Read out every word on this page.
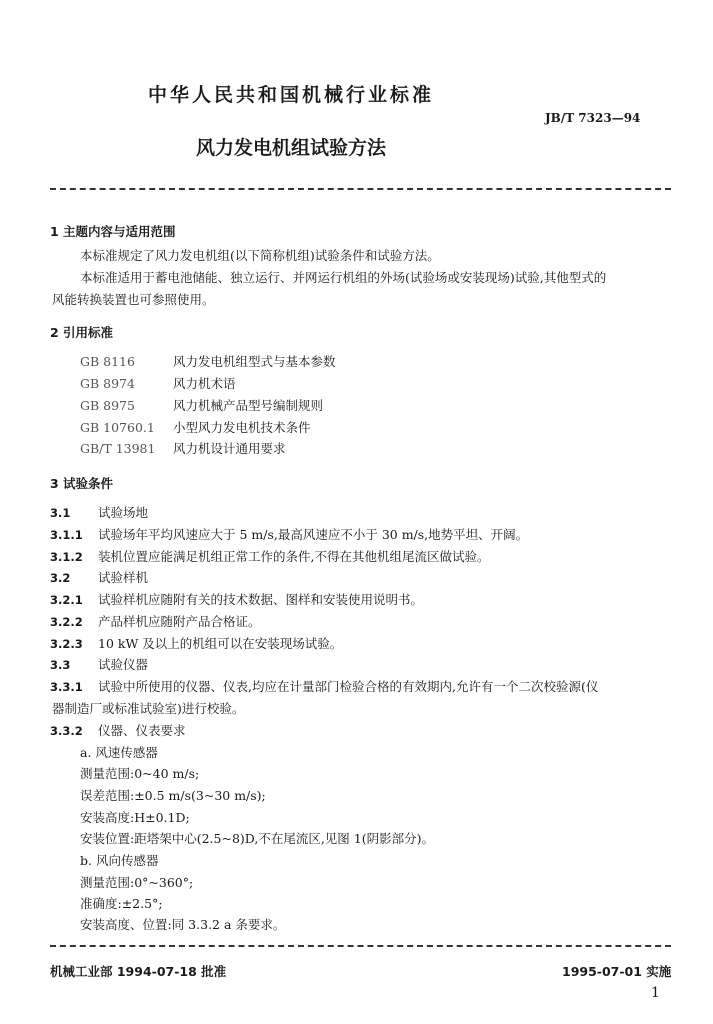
中华人民共和国机械行业标准
JB/T 7323—94
风力发电机组试验方法
1 主题内容与适用范围
本标准规定了风力发电机组(以下简称机组)试验条件和试验方法。
本标准适用于蓄电池储能、独立运行、并网运行机组的外场(试验场或安装现场)试验,其他型式的
风能转换装置也可参照使用。
2 引用标准
GB 8116	风力发电机组型式与基本参数
GB 8974	风力机术语
GB 8975	风力机械产品型号编制规则
GB 10760.1 小型风力发电机技术条件
GB/T 13981 风力机设计通用要求
3 试验条件
3.1 试验场地
3.1.1 试验场年平均风速应大于 5 m/s,最高风速应不小于 30 m/s,地势平坦、开阔。
3.1.2 装机位置应能满足机组正常工作的条件,不得在其他机组尾流区做试验。
3.2 试验样机
3.2.1 试验样机应随附有关的技术数据、图样和安装使用说明书。
3.2.2 产品样机应随附产品合格证。
3.2.3 10 kW 及以上的机组可以在安装现场试验。
3.3 试验仪器
3.3.1 试验中所使用的仪器、仪表,均应在计量部门检验合格的有效期内,允许有一个二次校验源(仪
器制造厂或标准试验室)进行校验。
3.3.2 仪器、仪表要求
a. 风速传感器
测量范围:0~40 m/s;
误差范围:±0.5 m/s(3~30 m/s);
安装高度:H±0.1D;
安装位置:距塔架中心(2.5~8)D,不在尾流区,见图 1(阴影部分)。
b. 风向传感器
测量范围:0°~360°;
准确度:±2.5°;
安装高度、位置:同 3.3.2 a 条要求。
机械工业部 1994-07-18 批准	1995-07-01 实施
1
